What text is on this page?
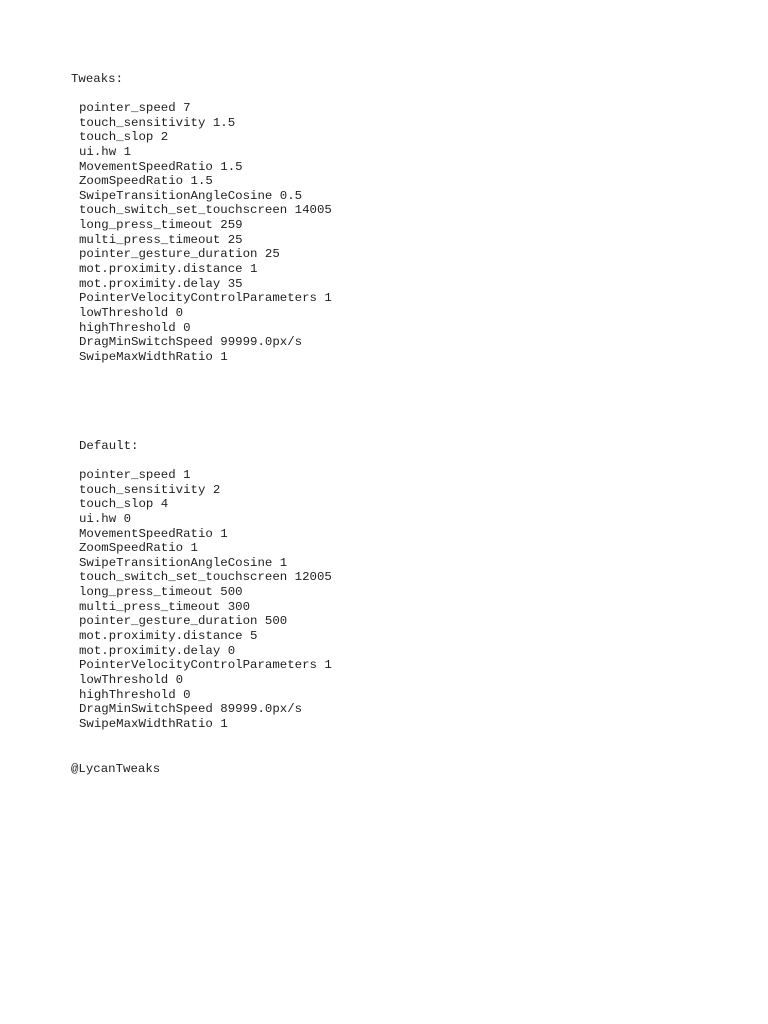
Tweaks:
pointer_speed 7
touch_sensitivity 1.5
touch_slop 2
ui.hw 1
MovementSpeedRatio 1.5
ZoomSpeedRatio 1.5
SwipeTransitionAngleCosine 0.5
touch_switch_set_touchscreen 14005
long_press_timeout 259
multi_press_timeout 25
pointer_gesture_duration 25
mot.proximity.distance 1
mot.proximity.delay 35
PointerVelocityControlParameters 1
lowThreshold 0
highThreshold 0
DragMinSwitchSpeed 99999.0px/s
SwipeMaxWidthRatio 1
Default:
pointer_speed 1
touch_sensitivity 2
touch_slop 4
ui.hw 0
MovementSpeedRatio 1
ZoomSpeedRatio 1
SwipeTransitionAngleCosine 1
touch_switch_set_touchscreen 12005
long_press_timeout 500
multi_press_timeout 300
pointer_gesture_duration 500
mot.proximity.distance 5
mot.proximity.delay 0
PointerVelocityControlParameters 1
lowThreshold 0
highThreshold 0
DragMinSwitchSpeed 89999.0px/s
SwipeMaxWidthRatio 1
@LycanTweaks
